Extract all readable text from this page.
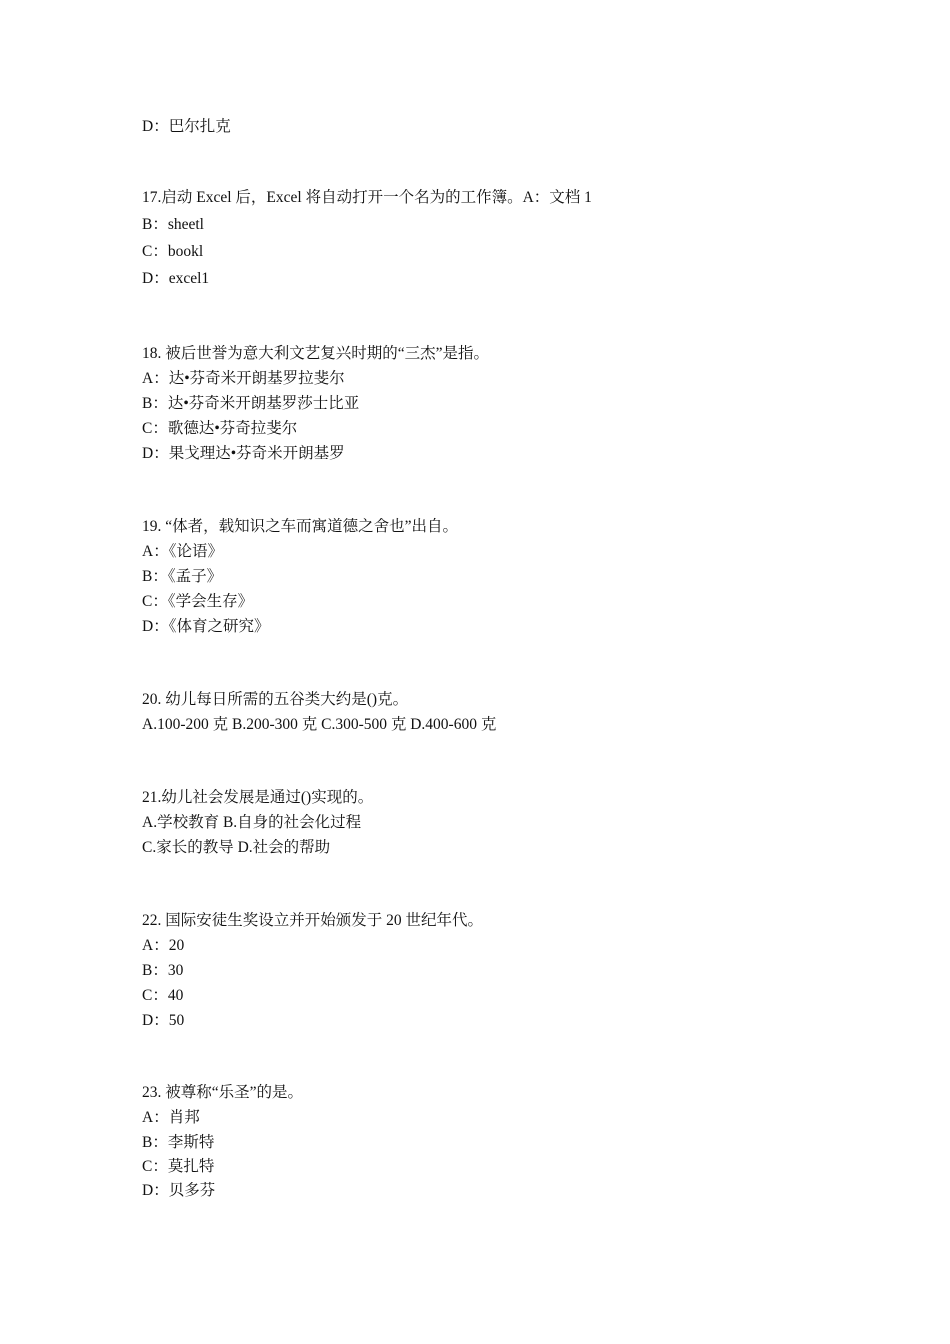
D：巴尔扎克
17.启动 Excel 后，Excel 将自动打开一个名为的工作簿。A：文档 1
B：sheetl
C：bookl
D：excel1
18. 被后世誉为意大利文艺复兴时期的“三杰”是指。
A：达•芬奇米开朗基罗拉斐尔
B：达•芬奇米开朗基罗莎士比亚
C：歌德达•芬奇拉斐尔
D：果戈理达•芬奇米开朗基罗
19. “体者，载知识之车而寓道德之舍也”出自。
A：《论语》
B：《孟子》
C：《学会生存》
D：《体育之研究》
20. 幼儿每日所需的五谷类大约是()克。
A.100-200 克 B.200-300 克 C.300-500 克 D.400-600 克
21.幼儿社会发展是通过()实现的。
A.学校教育 B.自身的社会化过程
C.家长的教导 D.社会的帮助
22. 国际安徒生奖设立并开始颁发于 20 世纪年代。
A：20
B：30
C：40
D：50
23. 被尊称“乐圣”的是。
A：肖邦
B：李斯特
C：莫扎特
D：贝多芬
